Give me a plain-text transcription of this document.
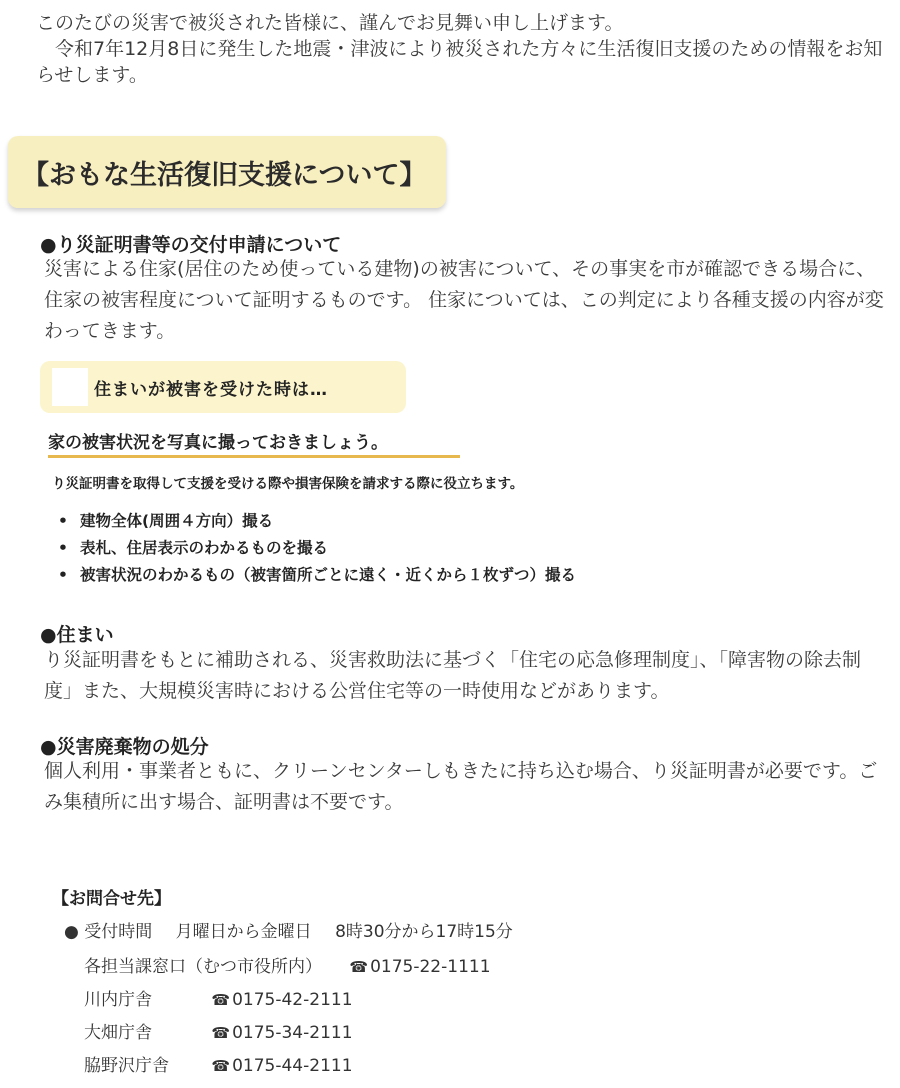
このたびの災害で被災された皆様に、謹んでお見舞い申し上げます。

令和7年12月8日に発生した地震・津波により被災された方々に生活復旧支援のための情報をお知らせします。

【おもな生活復旧支援について】
●り災証明書等の交付申請について
災害による住家(居住のため使っている建物)の被害について、その事実を市が確認できる場合に、住家の被害程度について証明するものです。 住家については、この判定により各種支援の内容が変わってきます。
住まいが被害を受けた時は…
家の被害状況を写真に撮っておきましょう。
り災証明書を取得して支援を受ける際や損害保険を請求する際に役立ちます。
• 建物全体(周囲４方向）撮る
• 表札、住居表示のわかるものを撮る
• 被害状況のわかるもの（被害箇所ごとに遠く・近くから１枚ずつ）撮る
●住まい
り災証明書をもとに補助される、災害救助法に基づく「住宅の応急修理制度」、「障害物の除去制度」また、大規模災害時における公営住宅等の一時使用などがあります。
●災害廃棄物の処分
個人利用・事業者ともに、クリーンセンターしもきたに持ち込む場合、り災証明書が必要です。ごみ集積所に出す場合、証明書は不要です。
【お問合せ先】
● 受付時間 月曜日から金曜日 8時30分から17時15分
各担当課窓口（むつ市役所内） ☎ 0175-22-1111
川内庁舎	☎ 0175-42-2111
大畑庁舎	☎ 0175-34-2111
脇野沢庁舎	☎ 0175-44-2111
